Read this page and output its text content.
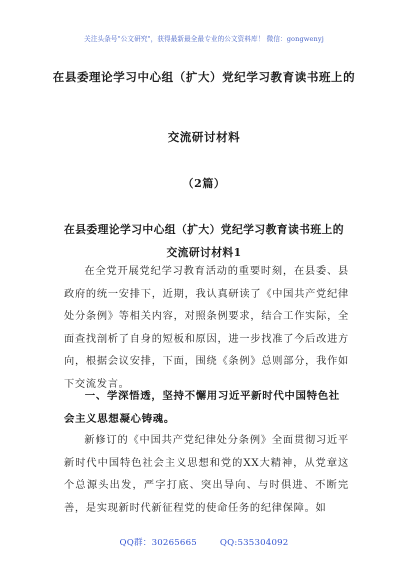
关注头条号"公文研究"，获得最新最全最专业的公文资料库！ 微信：gongwenyj
在县委理论学习中心组（扩大）党纪学习教育读书班上的
交流研讨材料
（2篇）
在县委理论学习中心组（扩大）党纪学习教育读书班上的
交流研讨材料1

在全党开展党纪学习教育活动的重要时刻，在县委、县政府的统一安排下，近期，我认真研读了《中国共产党纪律处分条例》等相关内容，对照条例要求，结合工作实际，全面查找剖析了自身的短板和原因，进一步找准了今后改进方向，根据会议安排，下面，围绕《条例》总则部分，我作如下交流发言。

一、学深悟透，坚持不懈用习近平新时代中国特色社会主义思想凝心铸魂。

新修订的《中国共产党纪律处分条例》全面贯彻习近平新时代中国特色社会主义思想和党的XX大精神，从党章这个总源头出发，严字打底、突出导向、与时俱进、不断完善，是实现新时代新征程党的使命任务的纪律保障。如

QQ群：30265665	QQ:535304092
